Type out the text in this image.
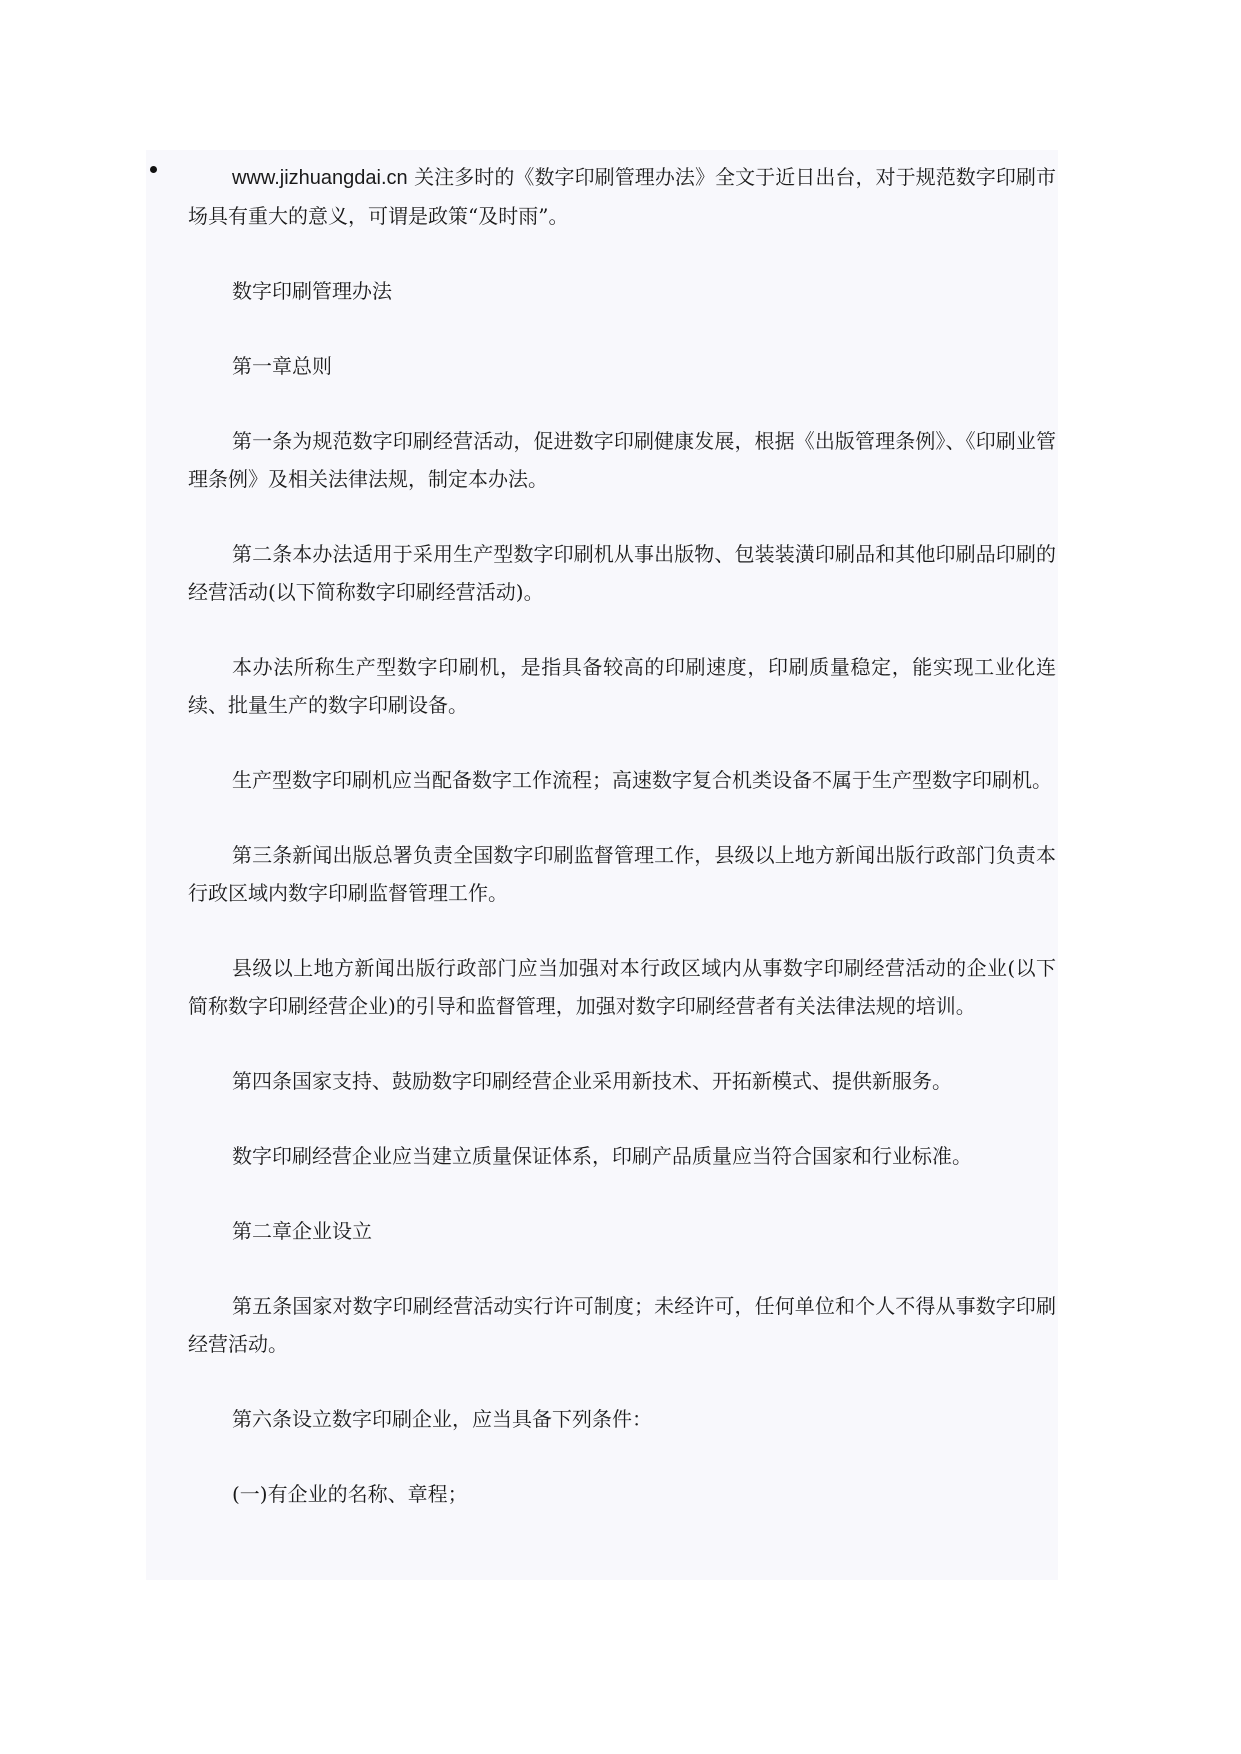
www.jizhuangdai.cn 关注多时的《数字印刷管理办法》全文于近日出台，对于规范数字印刷市场具有重大的意义，可谓是政策“及时雨”。

数字印刷管理办法

第一章总则

第一条为规范数字印刷经营活动，促进数字印刷健康发展，根据《出版管理条例》、《印刷业管理条例》及相关法律法规，制定本办法。

第二条本办法适用于采用生产型数字印刷机从事出版物、包装装潢印刷品和其他印刷品印刷的经营活动(以下简称数字印刷经营活动)。

本办法所称生产型数字印刷机，是指具备较高的印刷速度，印刷质量稳定，能实现工业化连续、批量生产的数字印刷设备。

生产型数字印刷机应当配备数字工作流程；高速数字复合机类设备不属于生产型数字印刷机。

第三条新闻出版总署负责全国数字印刷监督管理工作，县级以上地方新闻出版行政部门负责本行政区域内数字印刷监督管理工作。

县级以上地方新闻出版行政部门应当加强对本行政区域内从事数字印刷经营活动的企业(以下简称数字印刷经营企业)的引导和监督管理，加强对数字印刷经营者有关法律法规的培训。

第四条国家支持、鼓励数字印刷经营企业采用新技术、开拓新模式、提供新服务。

数字印刷经营企业应当建立质量保证体系，印刷产品质量应当符合国家和行业标准。

第二章企业设立

第五条国家对数字印刷经营活动实行许可制度；未经许可，任何单位和个人不得从事数字印刷经营活动。

第六条设立数字印刷企业，应当具备下列条件：

(一)有企业的名称、章程；
